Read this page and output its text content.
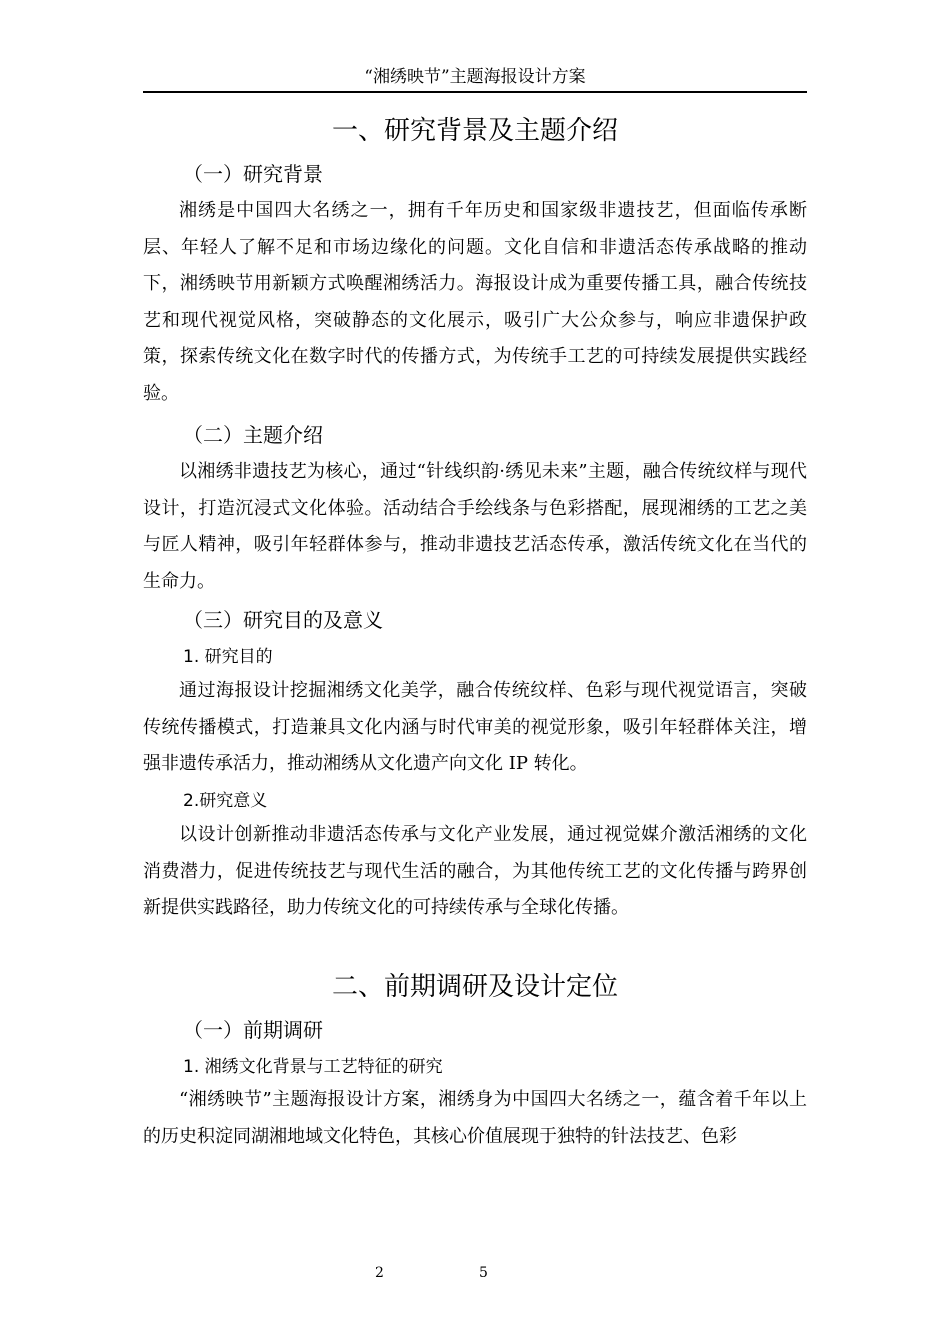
“湘绣映节”主题海报设计方案
一、研究背景及主题介绍
（一）研究背景

湘绣是中国四大名绣之一，拥有千年历史和国家级非遗技艺，但面临传承断层、年轻人了解不足和市场边缘化的问题。文化自信和非遗活态传承战略的推动下，湘绣映节用新颖方式唤醒湘绣活力。海报设计成为重要传播工具，融合传统技艺和现代视觉风格，突破静态的文化展示，吸引广大公众参与，响应非遗保护政策，探索传统文化在数字时代的传播方式，为传统手工艺的可持续发展提供实践经验。

（二）主题介绍

以湘绣非遗技艺为核心，通过“针线织韵·绣见未来”主题，融合传统纹样与现代设计，打造沉浸式文化体验。活动结合手绘线条与色彩搭配，展现湘绣的工艺之美与匠人精神，吸引年轻群体参与，推动非遗技艺活态传承，激活传统文化在当代的生命力。

（三）研究目的及意义
1. 研究目的

通过海报设计挖掘湘绣文化美学，融合传统纹样、色彩与现代视觉语言，突破传统传播模式，打造兼具文化内涵与时代审美的视觉形象，吸引年轻群体关注，增强非遗传承活力，推动湘绣从文化遗产向文化 IP 转化。

2.研究意义

以设计创新推动非遗活态传承与文化产业发展，通过视觉媒介激活湘绣的文化消费潜力，促进传统技艺与现代生活的融合，为其他传统工艺的文化传播与跨界创新提供实践路径，助力传统文化的可持续传承与全球化传播。

二、前期调研及设计定位
（一）前期调研
1. 湘绣文化背景与工艺特征的研究

“湘绣映节”主题海报设计方案，湘绣身为中国四大名绣之一，蕴含着千年以上的历史积淀同湖湘地域文化特色，其核心价值展现于独特的针法技艺、色彩

2	5
